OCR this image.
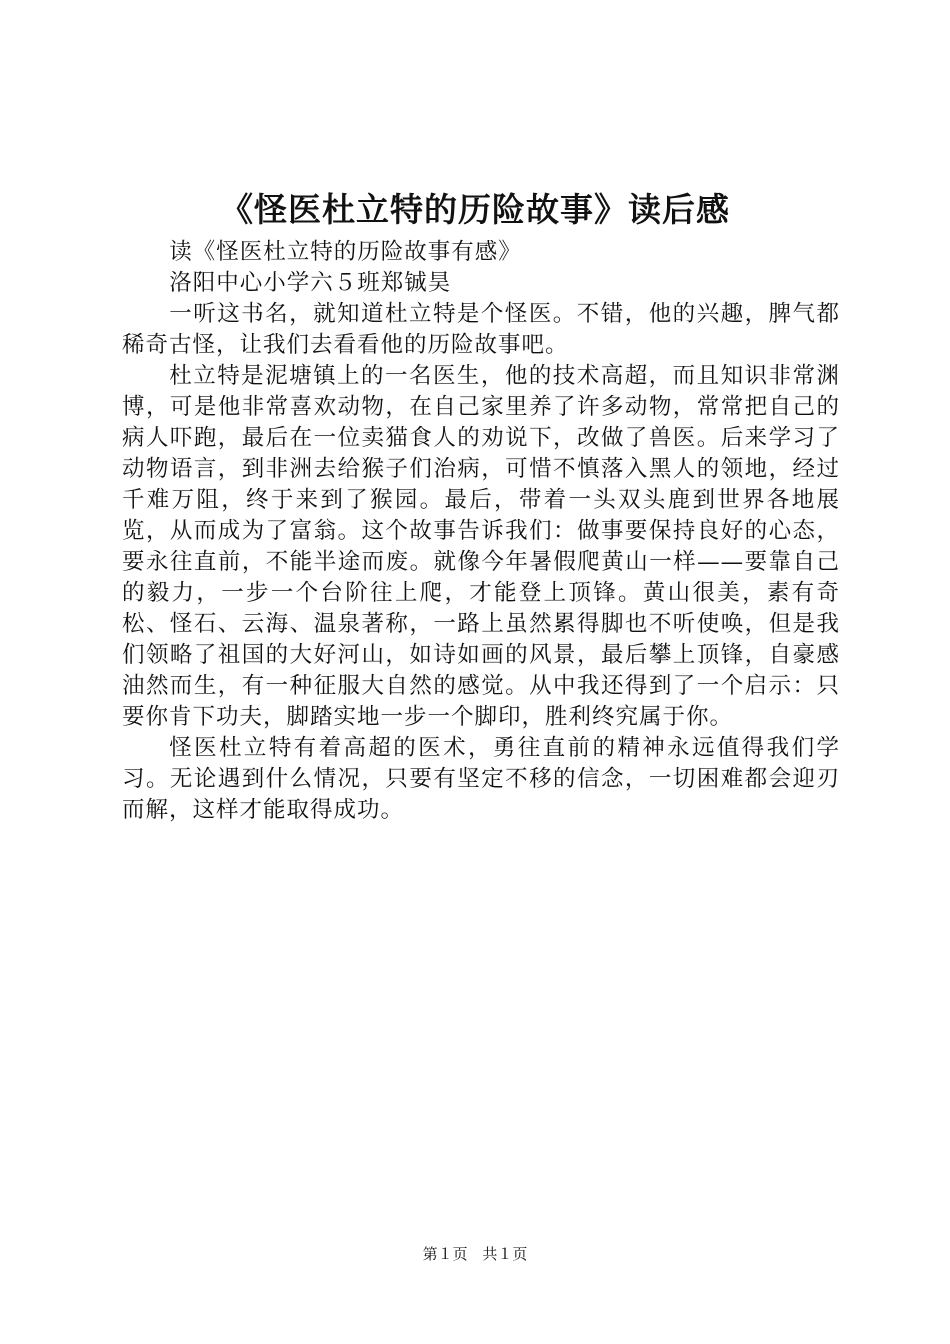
《怪医杜立特的历险故事》读后感

读《怪医杜立特的历险故事有感》

洛阳中心小学六５班郑铖昊

一听这书名，就知道杜立特是个怪医。不错，他的兴趣，脾气都稀奇古怪，让我们去看看他的历险故事吧。

杜立特是泥塘镇上的一名医生，他的技术高超，而且知识非常渊博，可是他非常喜欢动物，在自己家里养了许多动物，常常把自己的病人吓跑，最后在一位卖猫食人的劝说下，改做了兽医。后来学习了动物语言，到非洲去给猴子们治病，可惜不慎落入黑人的领地，经过千难万阻，终于来到了猴园。最后，带着一头双头鹿到世界各地展览，从而成为了富翁。这个故事告诉我们：做事要保持良好的心态，要永往直前，不能半途而废。就像今年暑假爬黄山一样——要靠自己的毅力，一步一个台阶往上爬，才能登上顶锋。黄山很美，素有奇松、怪石、云海、温泉著称，一路上虽然累得脚也不听使唤，但是我们领略了祖国的大好河山，如诗如画的风景，最后攀上顶锋，自豪感油然而生，有一种征服大自然的感觉。从中我还得到了一个启示：只要你肯下功夫，脚踏实地一步一个脚印，胜利终究属于你。

怪医杜立特有着高超的医术，勇往直前的精神永远值得我们学习。无论遇到什么情况，只要有坚定不移的信念，一切困难都会迎刃而解，这样才能取得成功。

第１页 共１页
